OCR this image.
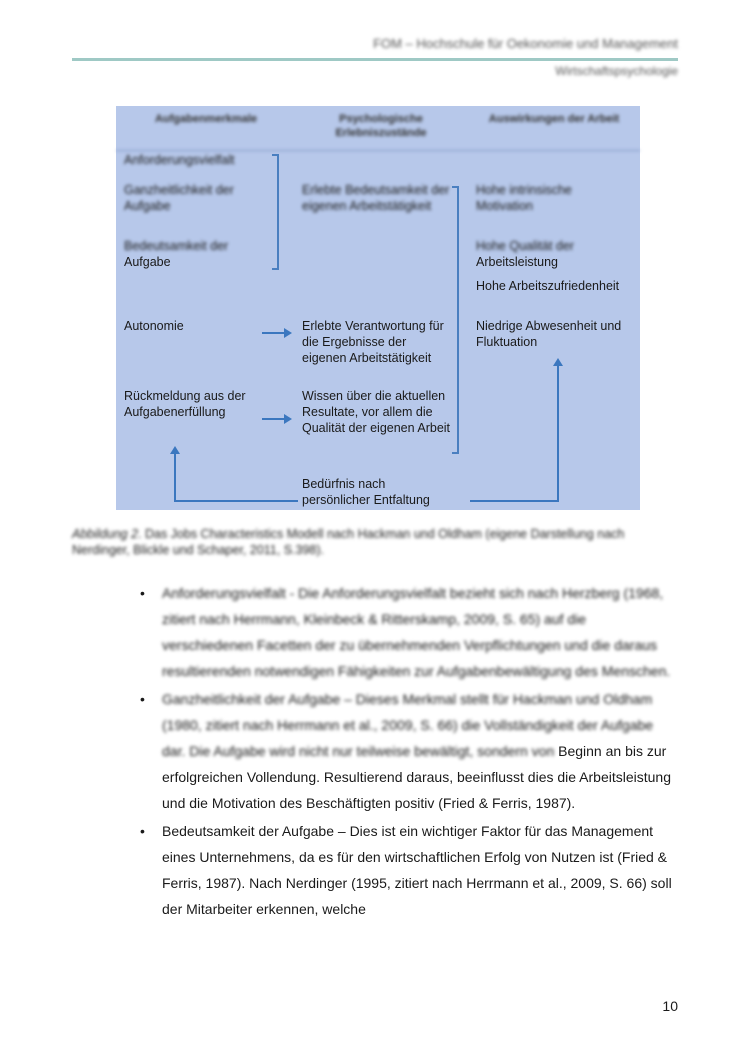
FOM – Hochschule für Oekonomie und Management
Wirtschaftspsychologie
Aufgabenmerkmale	Psychologische Erlebniszustände
Auswirkungen der Arbeit
Anforderungsvielfalt
Ganzheitlichkeit der Aufgabe
Bedeutsamkeit der
Aufgabe
Autonomie
Rückmeldung aus der Aufgabenerfüllung
Erlebte Bedeutsamkeit der eigenen Arbeitstätigkeit
Erlebte Verantwortung für die Ergebnisse der eigenen Arbeitstätigkeit
Wissen über die aktuellen Resultate, vor allem die Qualität der eigenen Arbeit
Bedürfnis nach persönlicher Entfaltung
Hohe intrinsische Motivation
Hohe Qualität der
Arbeitsleistung
Hohe Arbeitszufriedenheit
Niedrige Abwesenheit und Fluktuation
Abbildung 2. Das Jobs Characteristics Modell nach Hackman und Oldham (eigene Darstellung nach Nerdinger, Blickle und Schaper, 2011, S.398).
• Anforderungsvielfalt - Die Anforderungsvielfalt bezieht sich nach Herzberg (1968, zitiert nach Herrmann, Kleinbeck & Ritterskamp, 2009, S. 65) auf die verschiedenen Facetten der zu übernehmenden Verpflichtungen und die daraus resultierenden notwendigen Fähigkeiten zur Aufgabenbewältigung des Menschen.

• Ganzheitlichkeit der Aufgabe – Dieses Merkmal stellt für Hackman und Oldham (1980, zitiert nach Herrmann et al., 2009, S. 66) die Vollständigkeit der Aufgabe dar. Die Aufgabe wird nicht nur teilweise bewältigt, sondern von Beginn an bis zur erfolgreichen Vollendung. Resultierend daraus, beeinflusst dies die Arbeitsleistung und die Motivation des Beschäftigten positiv (Fried & Ferris, 1987).

• Bedeutsamkeit der Aufgabe – Dies ist ein wichtiger Faktor für das Management eines Unternehmens, da es für den wirtschaftlichen Erfolg von Nutzen ist (Fried & Ferris, 1987). Nach Nerdinger (1995, zitiert nach Herrmann et al., 2009, S. 66) soll der Mitarbeiter erkennen, welche

10
